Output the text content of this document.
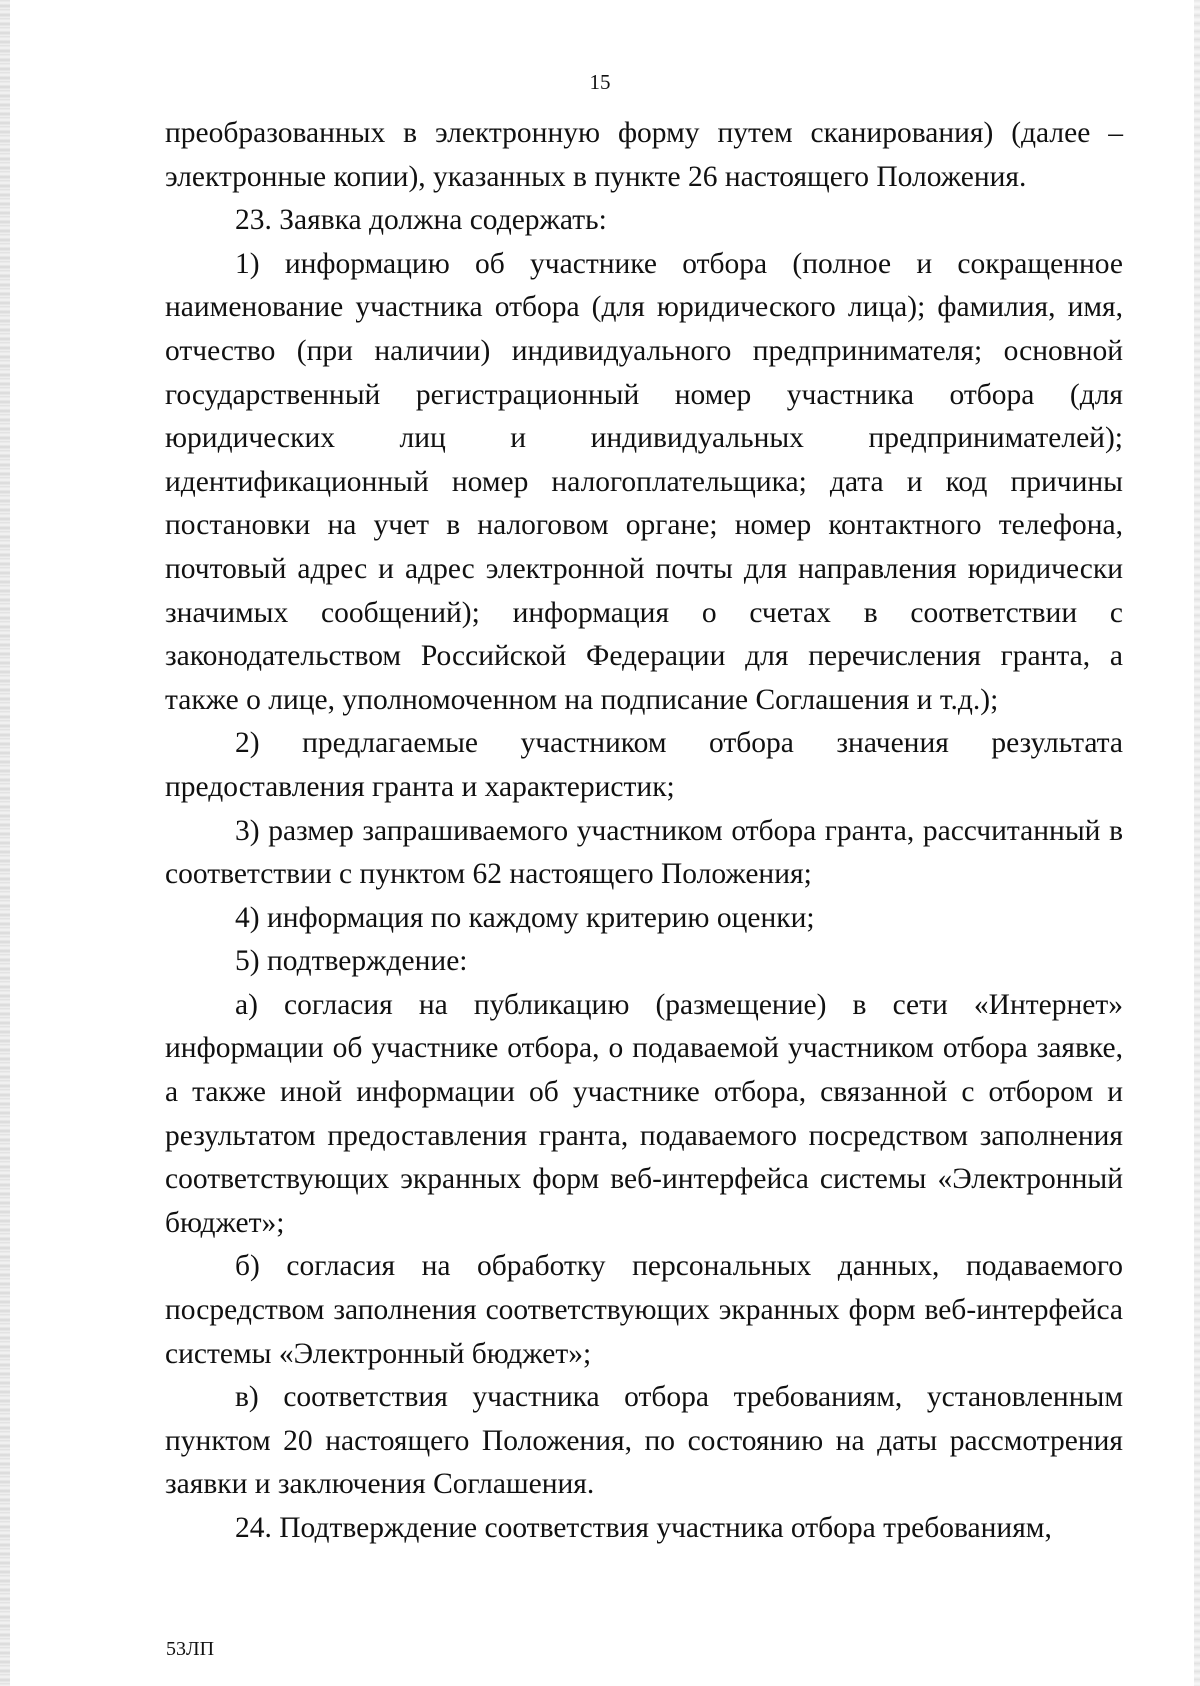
15

преобразованных в электронную форму путем сканирования) (далее – электронные копии), указанных в пункте 26 настоящего Положения.

23. Заявка должна содержать:

1) информацию об участнике отбора (полное и сокращенное наименование участника отбора (для юридического лица); фамилия, имя, отчество (при наличии) индивидуального предпринимателя; основной государственный регистрационный номер участника отбора (для юридических лиц и индивидуальных предпринимателей); идентификационный номер налогоплательщика; дата и код причины постановки на учет в налоговом органе; номер контактного телефона, почтовый адрес и адрес электронной почты для направления юридически значимых сообщений); информация о счетах в соответствии с законодательством Российской Федерации для перечисления гранта, а также о лице, уполномоченном на подписание Соглашения и т.д.);

2) предлагаемые участником отбора значения результата предоставления гранта и характеристик;

3) размер запрашиваемого участником отбора гранта, рассчитанный в соответствии с пунктом 62 настоящего Положения;

4) информация по каждому критерию оценки;

5) подтверждение:

а) согласия на публикацию (размещение) в сети «Интернет» информации об участнике отбора, о подаваемой участником отбора заявке, а также иной информации об участнике отбора, связанной с отбором и результатом предоставления гранта, подаваемого посредством заполнения соответствующих экранных форм веб-интерфейса системы «Электронный бюджет»;

б) согласия на обработку персональных данных, подаваемого посредством заполнения соответствующих экранных форм веб-интерфейса системы «Электронный бюджет»;

в) соответствия участника отбора требованиям, установленным пунктом 20 настоящего Положения, по состоянию на даты рассмотрения заявки и заключения Соглашения.

24. Подтверждение соответствия участника отбора требованиям,

53ЛП
